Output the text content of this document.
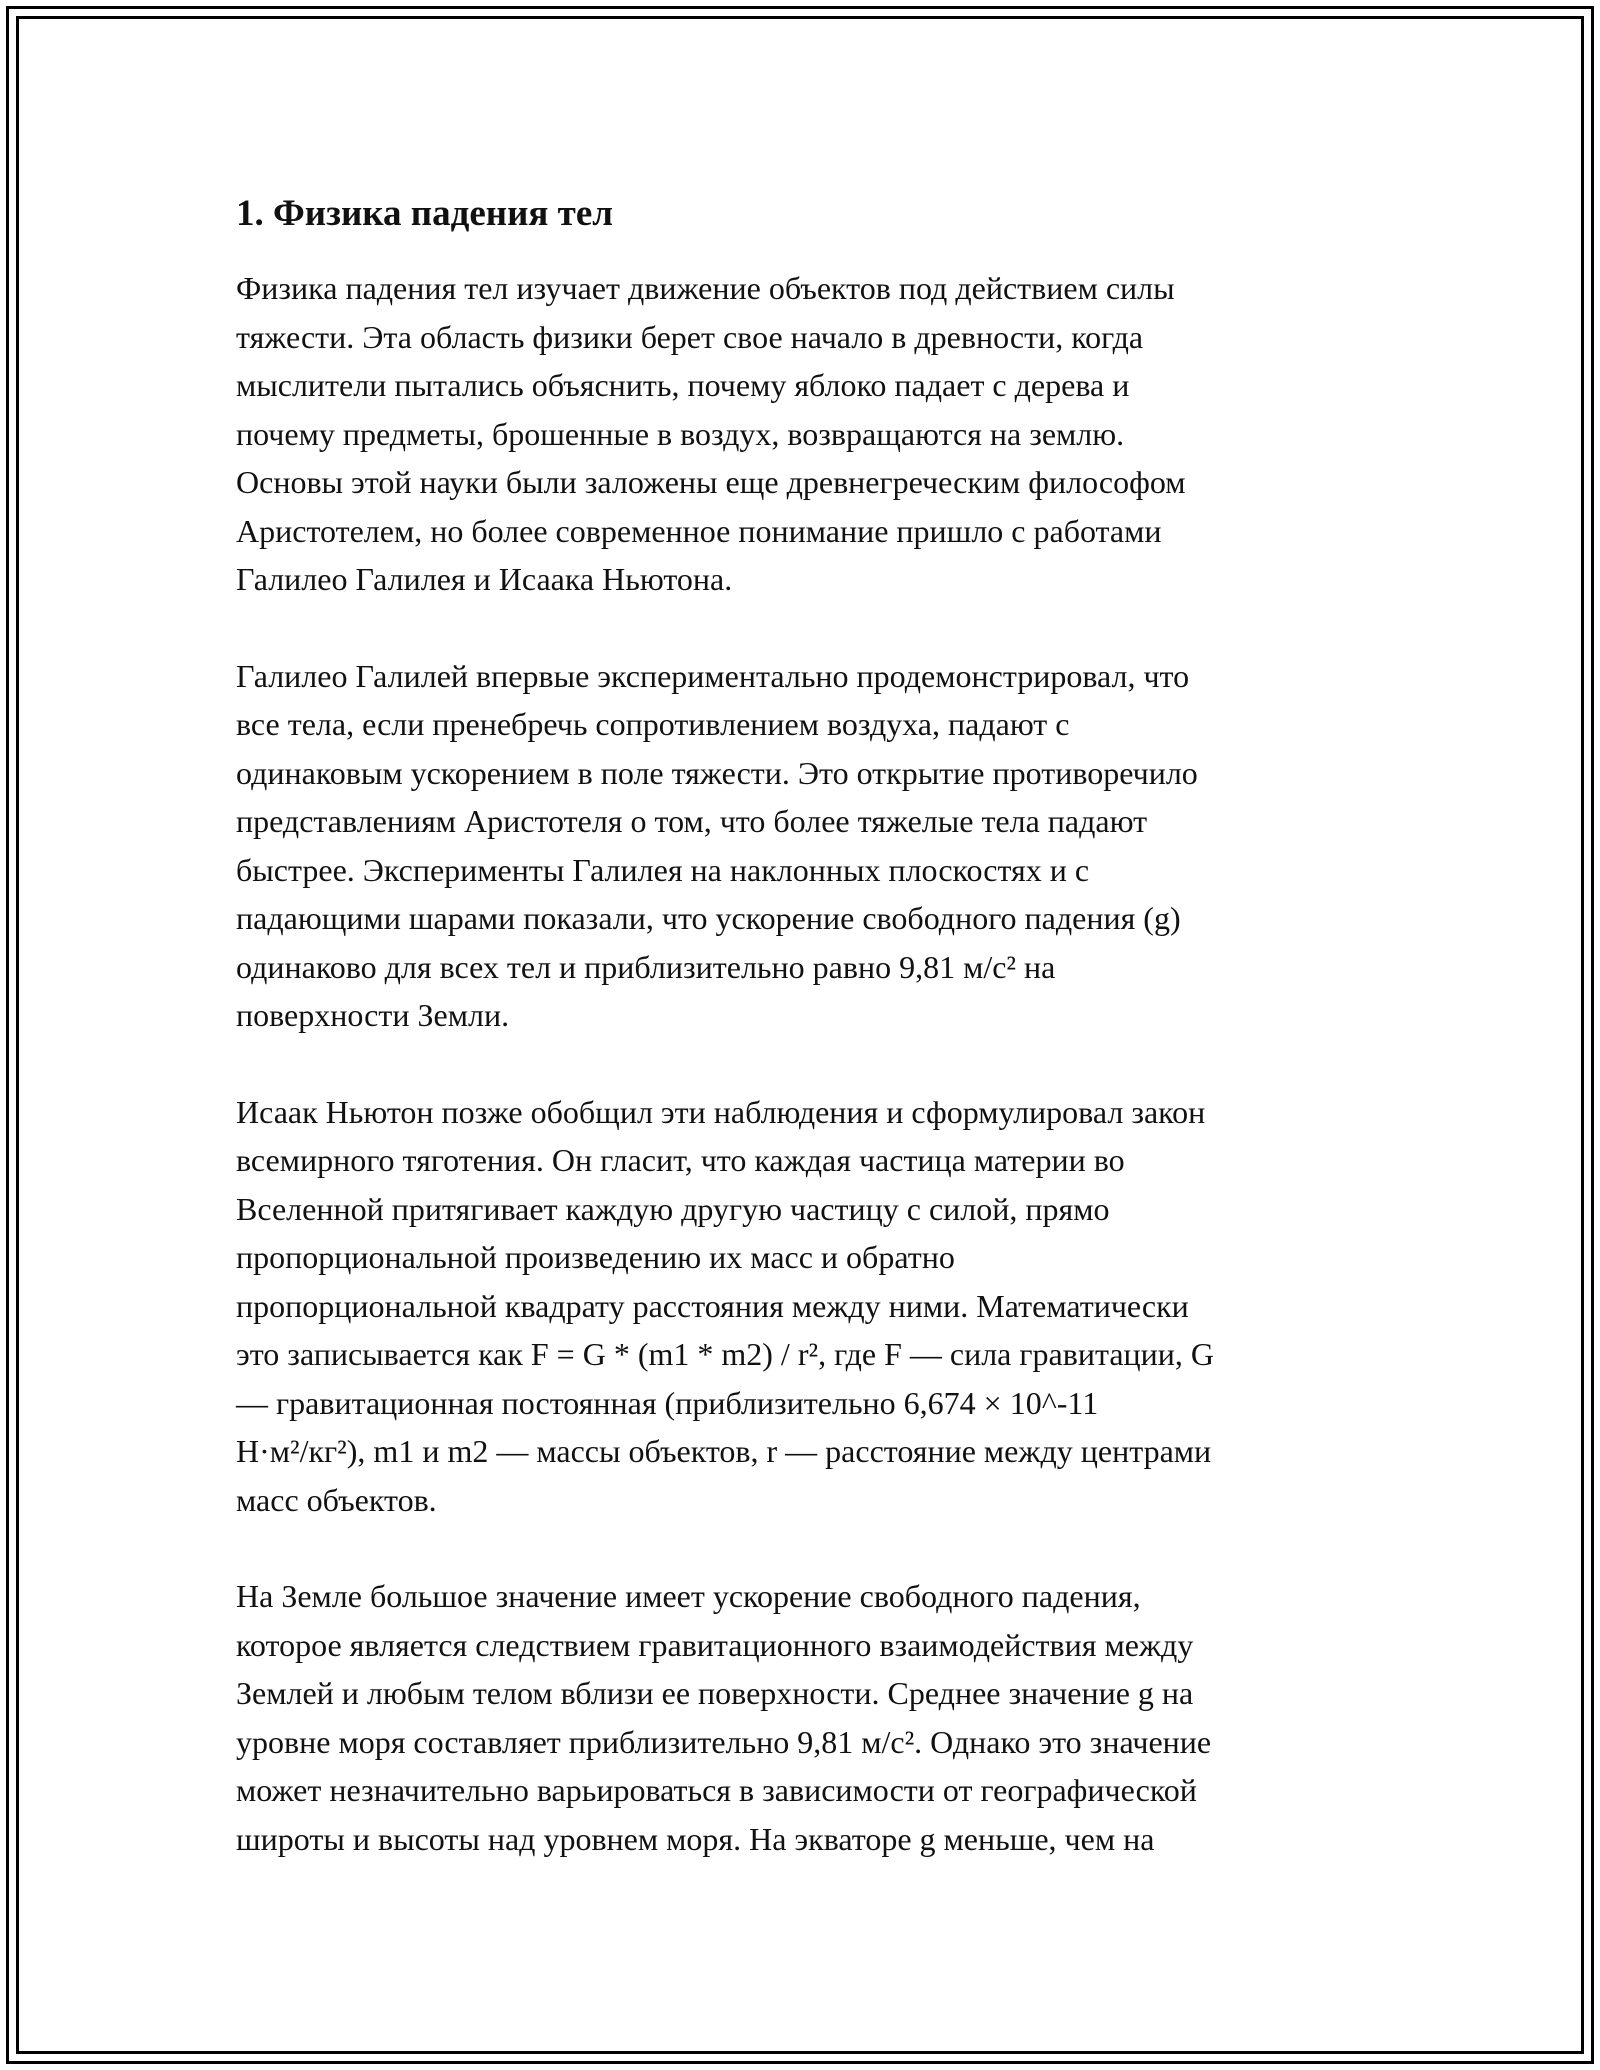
1. Физика падения тел
Физика падения тел изучает движение объектов под действием силы
тяжести. Эта область физики берет свое начало в древности, когда
мыслители пытались объяснить, почему яблоко падает с дерева и
почему предметы, брошенные в воздух, возвращаются на землю.
Основы этой науки были заложены еще древнегреческим философом
Аристотелем, но более современное понимание пришло с работами
Галилео Галилея и Исаака Ньютона.
Галилео Галилей впервые экспериментально продемонстрировал, что
все тела, если пренебречь сопротивлением воздуха, падают с
одинаковым ускорением в поле тяжести. Это открытие противоречило
представлениям Аристотеля о том, что более тяжелые тела падают
быстрее. Эксперименты Галилея на наклонных плоскостях и с
падающими шарами показали, что ускорение свободного падения (g)
одинаково для всех тел и приблизительно равно 9,81 м/с² на
поверхности Земли.
Исаак Ньютон позже обобщил эти наблюдения и сформулировал закон
всемирного тяготения. Он гласит, что каждая частица материи во
Вселенной притягивает каждую другую частицу с силой, прямо
пропорциональной произведению их масс и обратно
пропорциональной квадрату расстояния между ними. Математически
это записывается как F = G * (m1 * m2) / r², где F — сила гравитации, G
— гравитационная постоянная (приблизительно 6,674 × 10^-11
Н·м²/кг²), m1 и m2 — массы объектов, r — расстояние между центрами
масс объектов.
На Земле большое значение имеет ускорение свободного падения,
которое является следствием гравитационного взаимодействия между
Землей и любым телом вблизи ее поверхности. Среднее значение g на
уровне моря составляет приблизительно 9,81 м/с². Однако это значение
может незначительно варьироваться в зависимости от географической
широты и высоты над уровнем моря. На экваторе g меньше, чем на
